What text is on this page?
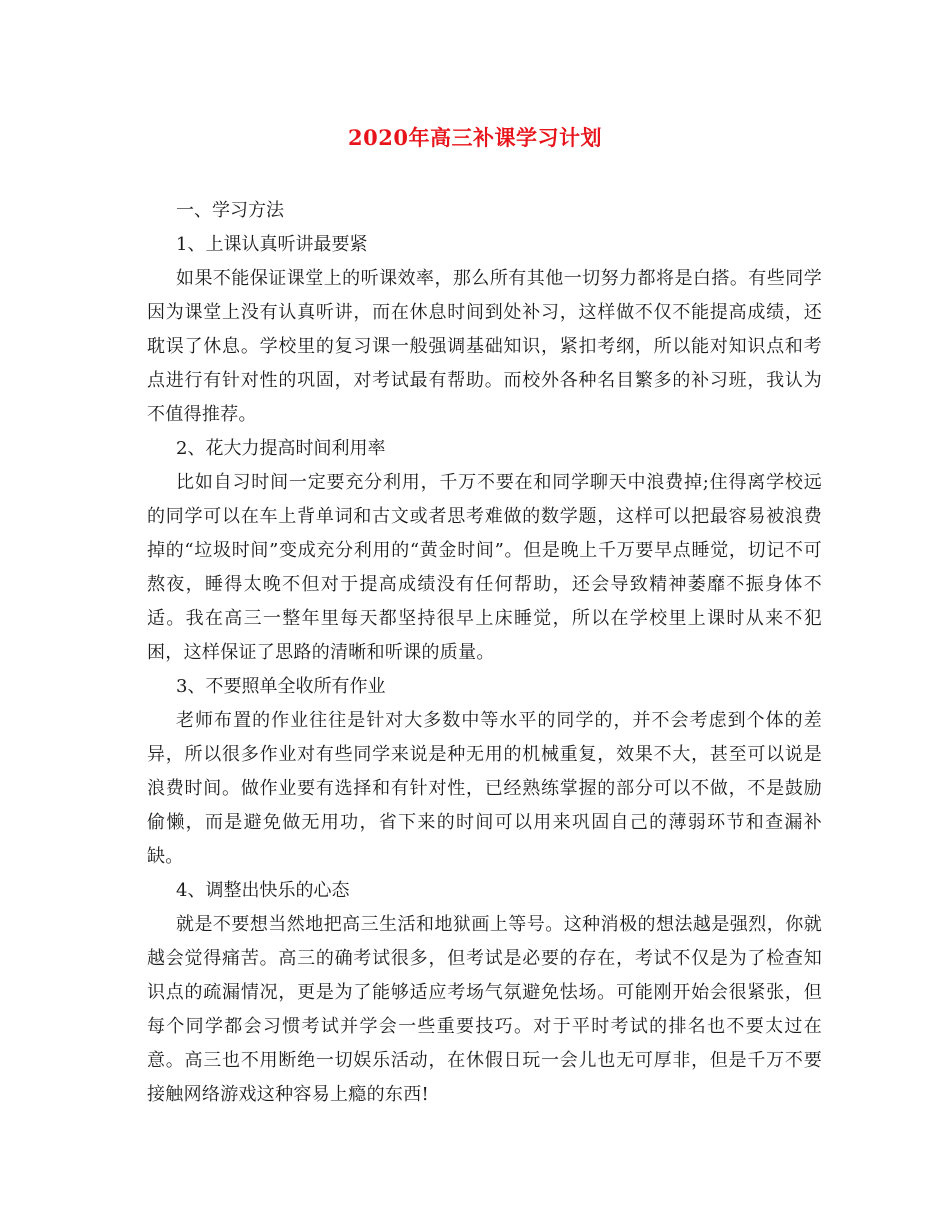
2020年高三补课学习计划

一、学习方法

1、上课认真听讲最要紧

如果不能保证课堂上的听课效率，那么所有其他一切努力都将是白搭。有些同学因为课堂上没有认真听讲，而在休息时间到处补习，这样做不仅不能提高成绩，还耽误了休息。学校里的复习课一般强调基础知识，紧扣考纲，所以能对知识点和考点进行有针对性的巩固，对考试最有帮助。而校外各种名目繁多的补习班，我认为不值得推荐。

2、花大力提高时间利用率

比如自习时间一定要充分利用，千万不要在和同学聊天中浪费掉;住得离学校远的同学可以在车上背单词和古文或者思考难做的数学题，这样可以把最容易被浪费掉的“垃圾时间”变成充分利用的“黄金时间”。但是晚上千万要早点睡觉，切记不可熬夜，睡得太晚不但对于提高成绩没有任何帮助，还会导致精神萎靡不振身体不适。我在高三一整年里每天都坚持很早上床睡觉，所以在学校里上课时从来不犯困，这样保证了思路的清晰和听课的质量。

3、不要照单全收所有作业

老师布置的作业往往是针对大多数中等水平的同学的，并不会考虑到个体的差异，所以很多作业对有些同学来说是种无用的机械重复，效果不大，甚至可以说是浪费时间。做作业要有选择和有针对性，已经熟练掌握的部分可以不做，不是鼓励偷懒，而是避免做无用功，省下来的时间可以用来巩固自己的薄弱环节和查漏补缺。

4、调整出快乐的心态

就是不要想当然地把高三生活和地狱画上等号。这种消极的想法越是强烈，你就越会觉得痛苦。高三的确考试很多，但考试是必要的存在，考试不仅是为了检查知识点的疏漏情况，更是为了能够适应考场气氛避免怯场。可能刚开始会很紧张，但每个同学都会习惯考试并学会一些重要技巧。对于平时考试的排名也不要太过在意。高三也不用断绝一切娱乐活动，在休假日玩一会儿也无可厚非，但是千万不要接触网络游戏这种容易上瘾的东西!
